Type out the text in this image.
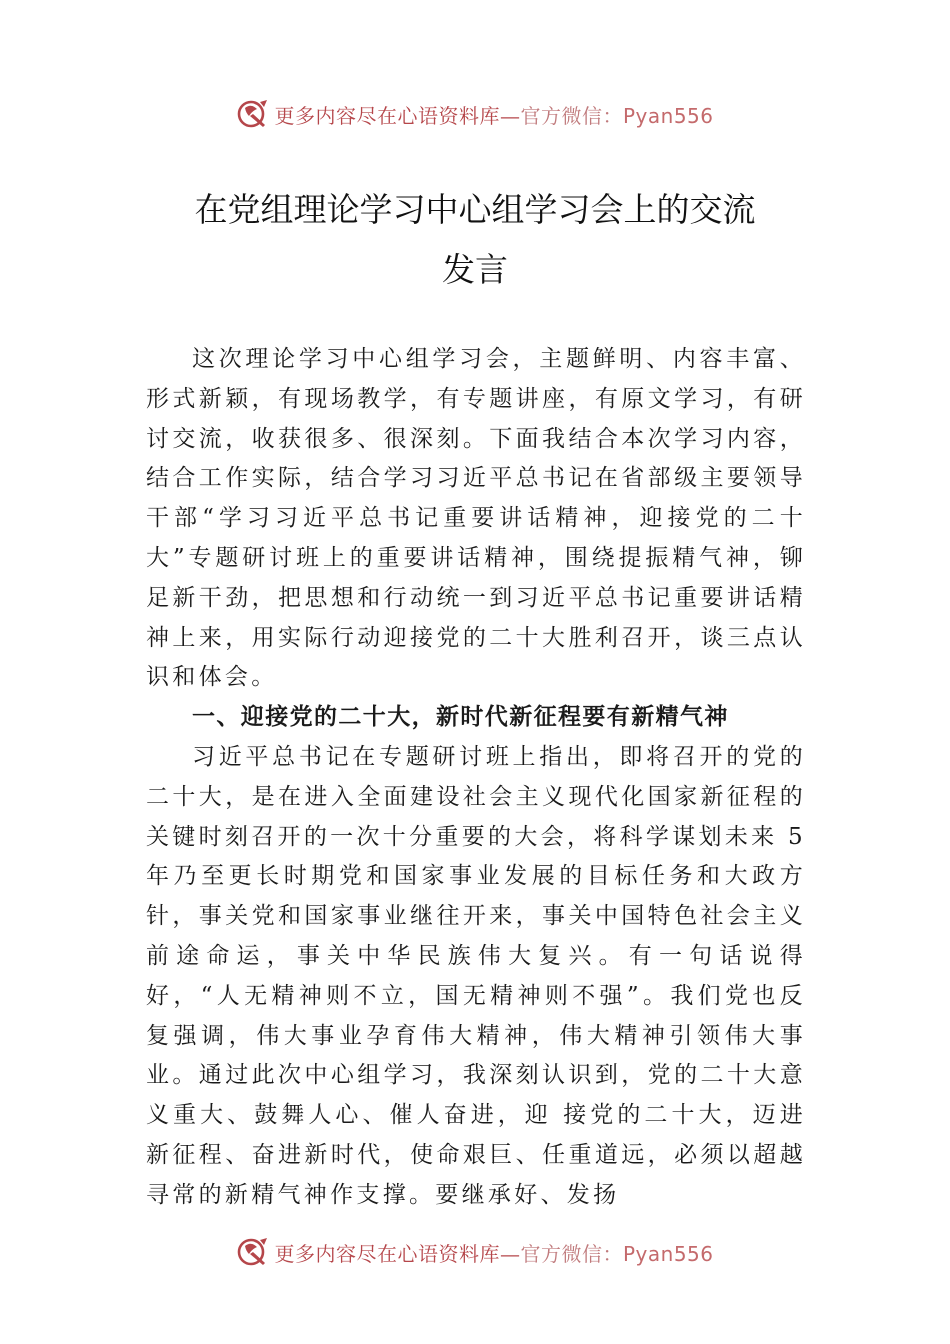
更多内容尽在心语资料库—官方微信：Pyan556
在党组理论学习中心组学习会上的交流
发言

这次理论学习中心组学习会，主题鲜明、内容丰富、形式新颖，有现场教学，有专题讲座，有原文学习，有研讨交流，收获很多、很深刻。下面我结合本次学习内容，结合工作实际，结合学习习近平总书记在省部级主要领导干部“学习习近平总书记重要讲话精神，迎接党的二十大”专题研讨班上的重要讲话精神，围绕提振精气神，铆足新干劲，把思想和行动统一到习近平总书记重要讲话精神上来，用实际行动迎接党的二十大胜利召开，谈三点认识和体会。

一、迎接党的二十大，新时代新征程要有新精气神

习近平总书记在专题研讨班上指出，即将召开的党的二十大，是在进入全面建设社会主义现代化国家新征程的关键时刻召开的一次十分重要的大会，将科学谋划未来 5 年乃至更长时期党和国家事业发展的目标任务和大政方针，事关党和国家事业继往开来，事关中国特色社会主义前途命运，事关中华民族伟大复兴。有一句话说得好，“人无精神则不立，国无精神则不强”。我们党也反复强调，伟大事业孕育伟大精神，伟大精神引领伟大事业。通过此次中心组学习，我深刻认识到，党的二十大意义重大、鼓舞人心、催人奋进，迎 接党的二十大，迈进新征程、奋进新时代，使命艰巨、任重道远，必须以超越寻常的新精气神作支撑。要继承好、发扬

更多内容尽在心语资料库—官方微信：Pyan556
